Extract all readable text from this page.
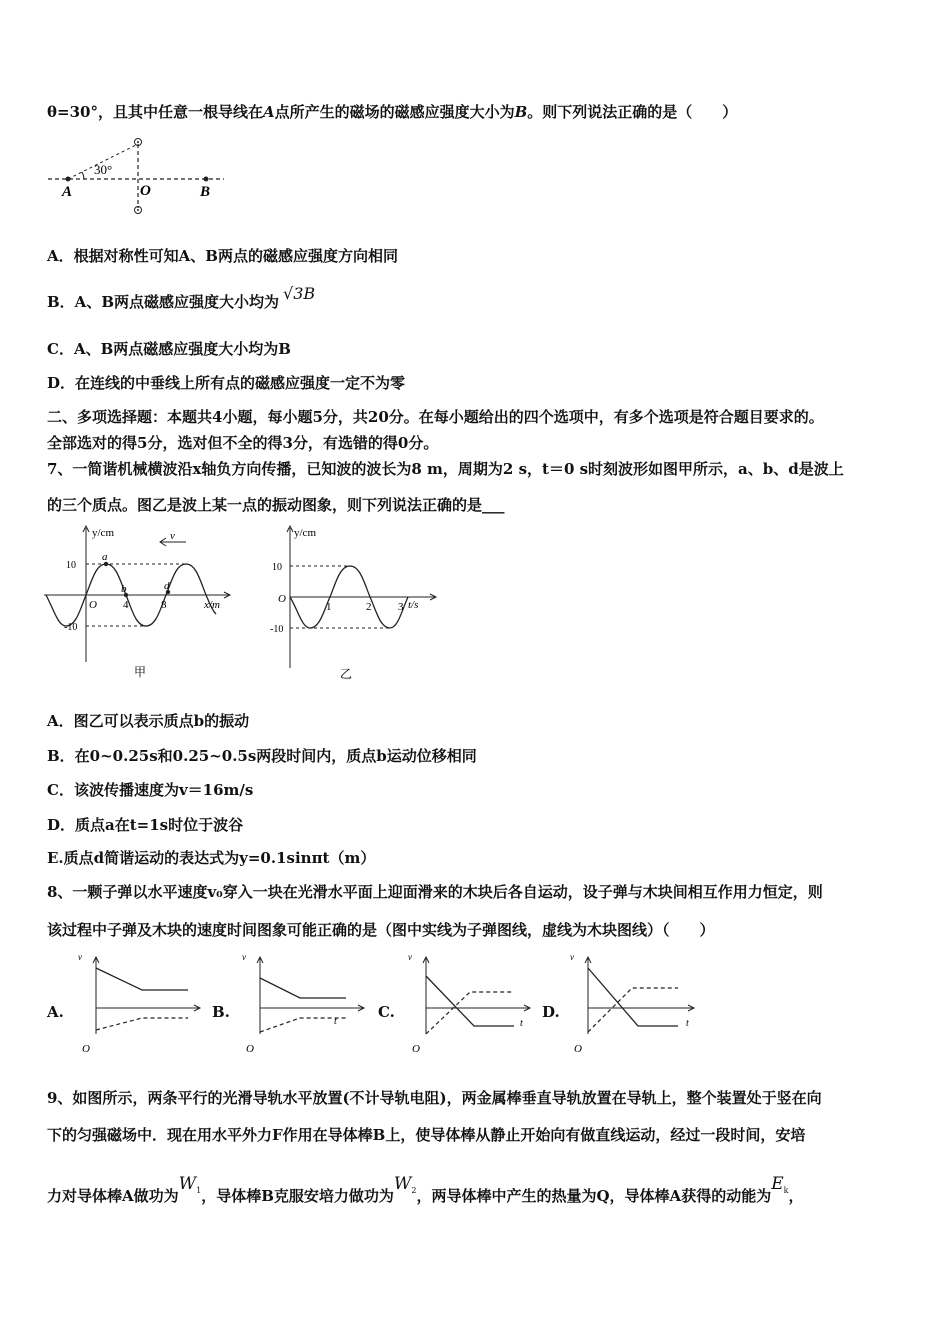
θ=30°，且其中任意一根导线在A点所产生的磁场的磁感应强度大小为B。则下列说法正确的是（　　）
30°
A	O	B
A．根据对称性可知A、B两点的磁感应强度方向相同
B．A、B两点磁感应强度大小均为 √3B
C．A、B两点磁感应强度大小均为B
D．在连线的中垂线上所有点的磁感应强度一定不为零
二、多项选择题：本题共4小题，每小题5分，共20分。在每小题给出的四个选项中，有多个选项是符合题目要求的。
全部选对的得5分，选对但不全的得3分，有选错的得0分。
7、一简谐机械横波沿x轴负方向传播，已知波的波长为8 m，周期为2 s，t＝0 s时刻波形如图甲所示，a、b、d是波上
的三个质点。图乙是波上某一点的振动图象，则下列说法正确的是___
v
y/cm
x/m
10
-10
O 4	8
a
b	d
甲
y/cm
t/s
10
-10
O
1	2 3
乙
A．图乙可以表示质点b的振动
B．在0~0.25s和0.25~0.5s两段时间内，质点b运动位移相同
C．该波传播速度为v＝16m/s
D．质点a在t=1s时位于波谷
E.质点d简谐运动的表达式为y=0.1sinπt（m）
8、一颗子弹以水平速度v₀穿入一块在光滑水平面上迎面滑来的木块后各自运动，设子弹与木块间相互作用力恒定，则
该过程中子弹及木块的速度时间图象可能正确的是（图中实线为子弹图线，虚线为木块图线）（　　）
A.	B.	C.	D.
v
O
v
t
O
v
t
O
v
t
O
9、如图所示，两条平行的光滑导轨水平放置(不计导轨电阻)，两金属棒垂直导轨放置在导轨上，整个装置处于竖在向
下的匀强磁场中．现在用水平外力F作用在导体棒B上，使导体棒从静止开始向有做直线运动，经过一段时间，安培
力对导体棒A做功为$W^1$，导体棒B克服安培力做功为$W^2$，两导体棒中产生的热量为Q，导体棒A获得的动能为$E^k$，
